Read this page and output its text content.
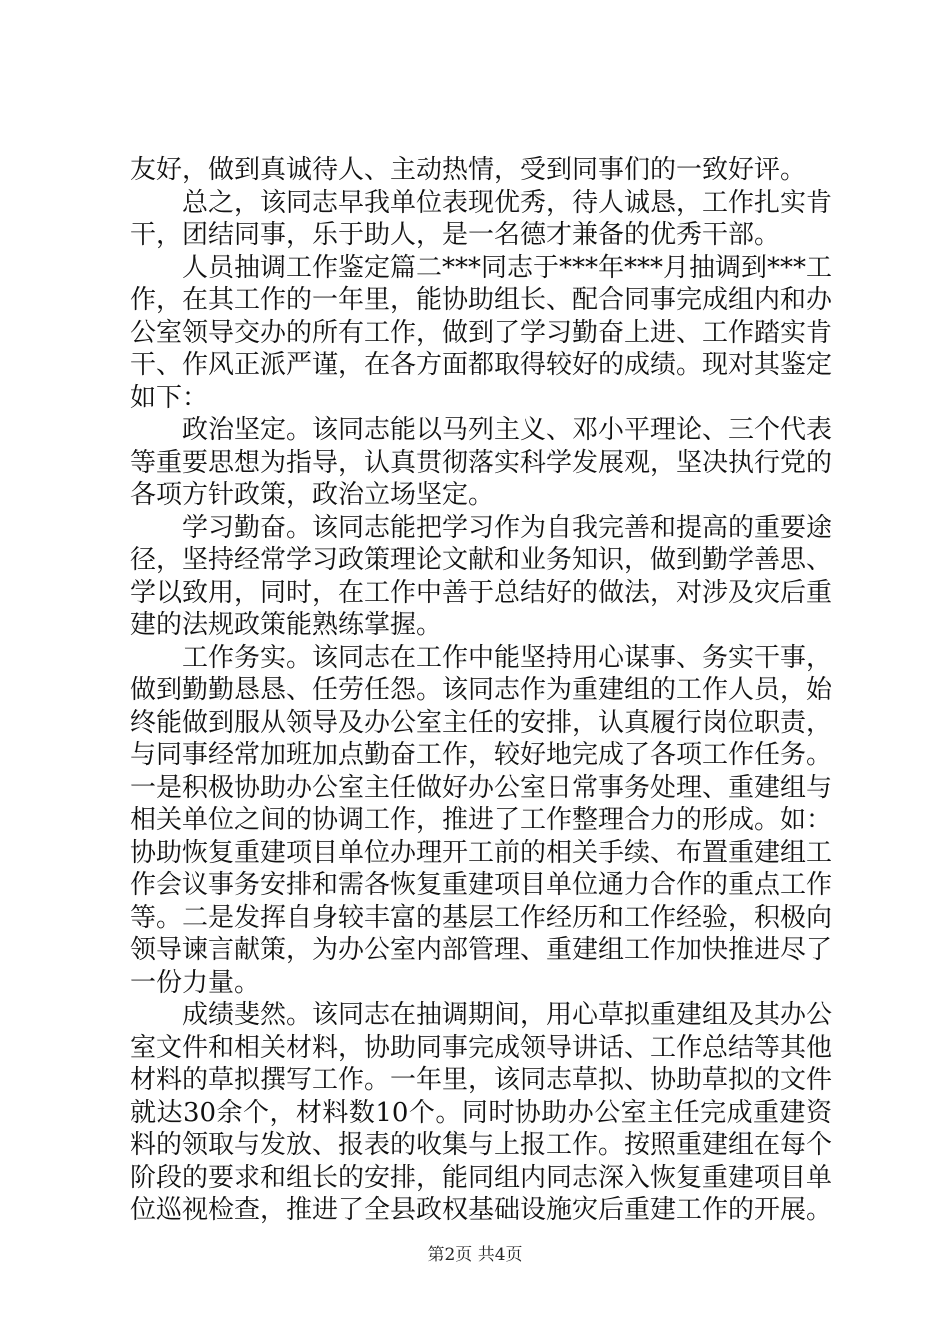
友好，做到真诚待人、主动热情，受到同事们的一致好评。

总之，该同志早我单位表现优秀，待人诚恳，工作扎实肯干，团结同事，乐于助人，是一名德才兼备的优秀干部。

人员抽调工作鉴定篇二***同志于***年***月抽调到***工作，在其工作的一年里，能协助组长、配合同事完成组内和办公室领导交办的所有工作，做到了学习勤奋上进、工作踏实肯干、作风正派严谨，在各方面都取得较好的成绩。现对其鉴定如下：

政治坚定。该同志能以马列主义、邓小平理论、三个代表等重要思想为指导，认真贯彻落实科学发展观，坚决执行党的各项方针政策，政治立场坚定。

学习勤奋。该同志能把学习作为自我完善和提高的重要途径，坚持经常学习政策理论文献和业务知识，做到勤学善思、学以致用，同时，在工作中善于总结好的做法，对涉及灾后重建的法规政策能熟练掌握。

工作务实。该同志在工作中能坚持用心谋事、务实干事，做到勤勤恳恳、任劳任怨。该同志作为重建组的工作人员，始终能做到服从领导及办公室主任的安排，认真履行岗位职责，与同事经常加班加点勤奋工作，较好地完成了各项工作任务。一是积极协助办公室主任做好办公室日常事务处理、重建组与相关单位之间的协调工作，推进了工作整理合力的形成。如：协助恢复重建项目单位办理开工前的相关手续、布置重建组工作会议事务安排和需各恢复重建项目单位通力合作的重点工作等。二是发挥自身较丰富的基层工作经历和工作经验，积极向领导谏言献策，为办公室内部管理、重建组工作加快推进尽了一份力量。

成绩斐然。该同志在抽调期间，用心草拟重建组及其办公室文件和相关材料，协助同事完成领导讲话、工作总结等其他材料的草拟撰写工作。一年里，该同志草拟、协助草拟的文件就达30余个，材料数10个。同时协助办公室主任完成重建资料的领取与发放、报表的收集与上报工作。按照重建组在每个阶段的要求和组长的安排，能同组内同志深入恢复重建项目单位巡视检查，推进了全县政权基础设施灾后重建工作的开展。

第2页 共4页
